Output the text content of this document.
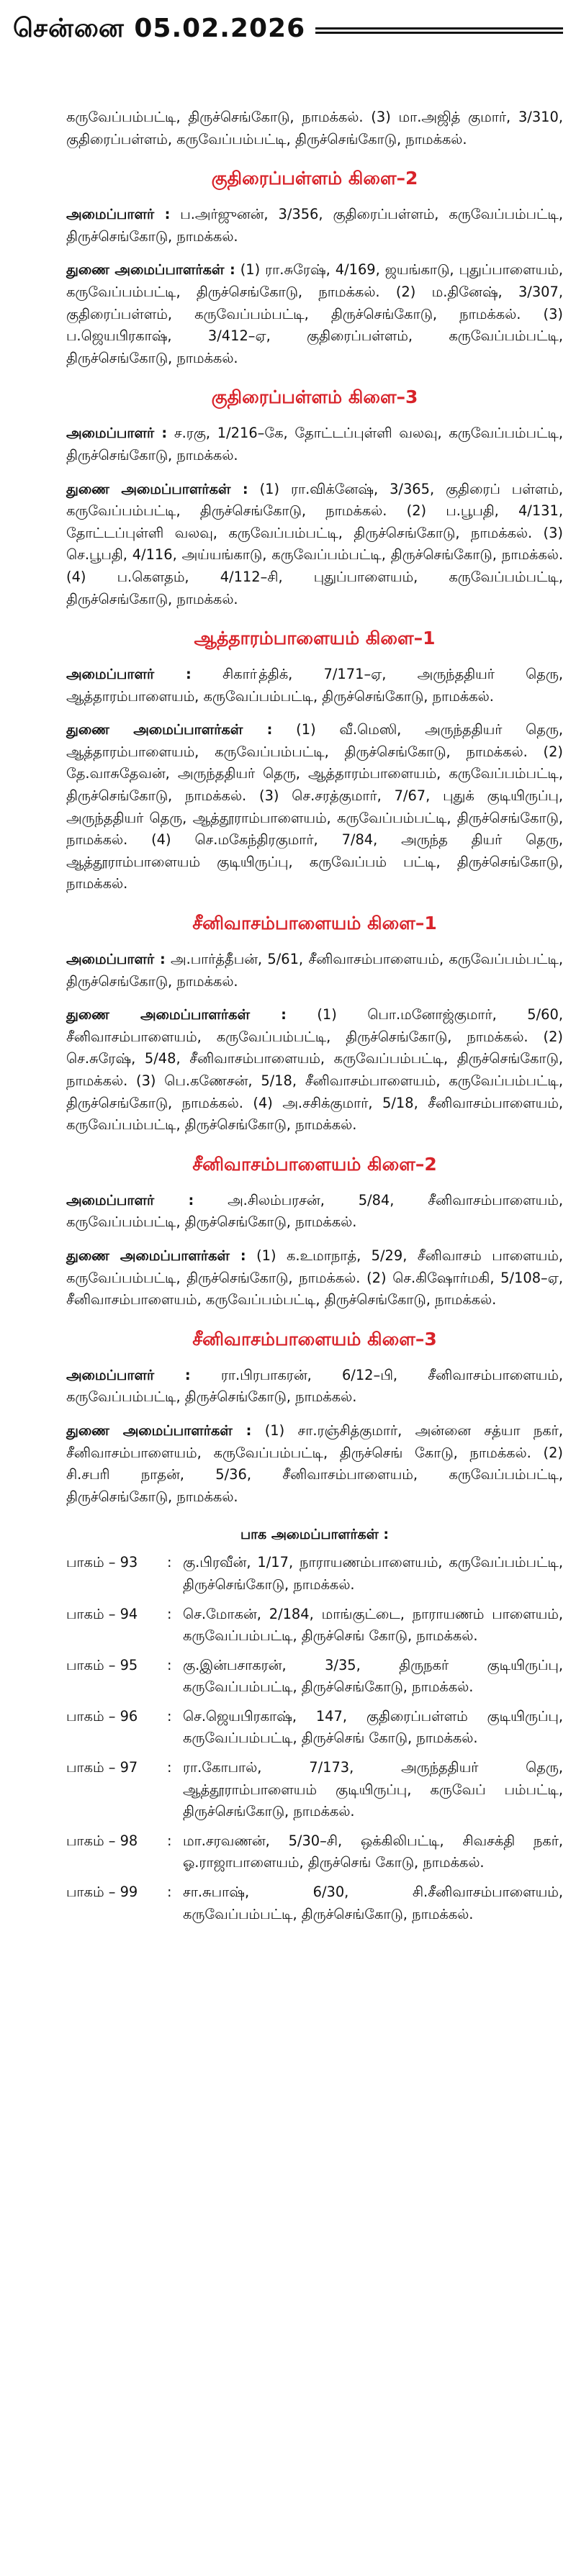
சென்னை 05.02.2026

கருவேப்பம்பட்டி, திருச்செங்கோடு, நாமக்கல். (3) மா.அஜித் குமார், 3/310, குதிரைப்பள்ளம், கருவேப்பம்பட்டி, திருச்செங்கோடு, நாமக்கல்.

குதிரைப்பள்ளம் கிளை–2

அமைப்பாளர் : ப.அர்ஜுனன், 3/356, குதிரைப்பள்ளம், கருவேப்பம்பட்டி, திருச்செங்கோடு, நாமக்கல்.

துணை அமைப்பாளர்கள் : (1) ரா.சுரேஷ், 4/169, ஜயங்காடு, புதுப்பாளையம், கருவேப்பம்பட்டி, திருச்செங்கோடு, நாமக்கல். (2) ம.தினேஷ், 3/307, குதிரைப்பள்ளம், கருவேப்பம்பட்டி, திருச்செங்கோடு, நாமக்கல். (3) ப.ஜெயபிரகாஷ், 3/412–ஏ, குதிரைப்பள்ளம், கருவேப்பம்பட்டி, திருச்செங்கோடு, நாமக்கல்.

குதிரைப்பள்ளம் கிளை–3

அமைப்பாளர் : ச.ரகு, 1/216–கே, தோட்டப்புள்ளி வலவு, கருவேப்பம்பட்டி, திருச்செங்கோடு, நாமக்கல்.

துணை அமைப்பாளர்கள் : (1) ரா.விக்னேஷ், 3/365, குதிரைப் பள்ளம், கருவேப்பம்பட்டி, திருச்செங்கோடு, நாமக்கல். (2) ப.பூபதி, 4/131, தோட்டப்புள்ளி வலவு, கருவேப்பம்பட்டி, திருச்செங்கோடு, நாமக்கல். (3) செ.பூபதி, 4/116, அய்யங்காடு, கருவேப்பம்பட்டி, திருச்செங்கோடு, நாமக்கல். (4) ப.கௌதம், 4/112–சி, புதுப்பாளையம், கருவேப்பம்பட்டி, திருச்செங்கோடு, நாமக்கல்.

ஆத்தாரம்பாளையம் கிளை–1

அமைப்பாளர் : சிகாா்த்திக், 7/171–ஏ, அருந்ததியர் தெரு, ஆத்தாரம்பாளையம், கருவேப்பம்பட்டி, திருச்செங்கோடு, நாமக்கல்.

துணை அமைப்பாளர்கள் : (1) வீ.மெஸி, அருந்ததியர் தெரு, ஆத்தாரம்பாளையம், கருவேப்பம்பட்டி, திருச்செங்கோடு, நாமக்கல். (2) தே.வாசுதேவன், அருந்ததியர் தெரு, ஆத்தாரம்பாளையம், கருவேப்பம்பட்டி, திருச்செங்கோடு, நாமக்கல். (3) செ.சரத்குமார், 7/67, புதுக் குடியிருப்பு, அருந்ததியர் தெரு, ஆத்தூராம்பாளையம், கருவேப்பம்பட்டி, திருச்செங்கோடு, நாமக்கல். (4) செ.மகேந்திரகுமார், 7/84, அருந்த தியர் தெரு, ஆத்தூராம்பாளையம் குடியிருப்பு, கருவேப்பம் பட்டி, திருச்செங்கோடு, நாமக்கல்.

சீனிவாசம்பாளையம் கிளை–1

அமைப்பாளர் : அ.பார்த்தீபன், 5/61, சீனிவாசம்பாளையம், கருவேப்பம்பட்டி, திருச்செங்கோடு, நாமக்கல்.

துணை அமைப்பாளர்கள் : (1) பொ.மனோஜ்குமார், 5/60, சீனிவாசம்பாளையம், கருவேப்பம்பட்டி, திருச்செங்கோடு, நாமக்கல். (2) செ.சுரேஷ், 5/48, சீனிவாசம்பாளையம், கருவேப்பம்பட்டி, திருச்செங்கோடு, நாமக்கல். (3) பெ.கணேசன், 5/18, சீனிவாசம்பாளையம், கருவேப்பம்பட்டி, திருச்செங்கோடு, நாமக்கல். (4) அ.சசிக்குமார், 5/18, சீனிவாசம்பாளையம், கருவேப்பம்பட்டி, திருச்செங்கோடு, நாமக்கல்.

சீனிவாசம்பாளையம் கிளை–2

அமைப்பாளர் : அ.சிலம்பரசன், 5/84, சீனிவாசம்பாளையம், கருவேப்பம்பட்டி, திருச்செங்கோடு, நாமக்கல்.

துணை அமைப்பாளர்கள் : (1) க.உமாநாத், 5/29, சீனிவாசம் பாளையம், கருவேப்பம்பட்டி, திருச்செங்கோடு, நாமக்கல். (2) செ.கிஷோர்மகி, 5/108–ஏ, சீனிவாசம்பாளையம், கருவேப்பம்பட்டி, திருச்செங்கோடு, நாமக்கல்.

சீனிவாசம்பாளையம் கிளை–3

அமைப்பாளர் : ரா.பிரபாகரன், 6/12–பி, சீனிவாசம்பாளையம், கருவேப்பம்பட்டி, திருச்செங்கோடு, நாமக்கல்.

துணை அமைப்பாளர்கள் : (1) சா.ரஞ்சித்குமார், அன்னை சத்யா நகர், சீனிவாசம்பாளையம், கருவேப்பம்பட்டி, திருச்செங் கோடு, நாமக்கல். (2) சி.சபரி நாதன், 5/36, சீனிவாசம்பாளையம், கருவேப்பம்பட்டி, திருச்செங்கோடு, நாமக்கல்.

பாக அமைப்பாளர்கள் :
பாகம் – 93	: கு.பிரவீன், 1/17, நாராயணம்பாளையம், கருவேப்பம்பட்டி, திருச்செங்கோடு, நாமக்கல்.
பாகம் – 94	: செ.மோகன், 2/184, மாங்குட்டை, நாராயணம் பாளையம், கருவேப்பம்பட்டி, திருச்செங் கோடு, நாமக்கல்.
பாகம் – 95	: கு.இன்பசாகரன், 3/35, திருநகர் குடியிருப்பு, கருவேப்பம்பட்டி, திருச்செங்கோடு, நாமக்கல்.
பாகம் – 96	: செ.ஜெயபிரகாஷ், 147, குதிரைப்பள்ளம் குடியிருப்பு, கருவேப்பம்பட்டி, திருச்செங் கோடு, நாமக்கல்.
பாகம் – 97	: ரா.கோபால், 7/173, அருந்ததியர் தெரு, ஆத்தூராம்பாளையம் குடியிருப்பு, கருவேப் பம்பட்டி, திருச்செங்கோடு, நாமக்கல்.
பாகம் – 98	: மா.சரவணன், 5/30–சி, ஒக்கிலிபட்டி, சிவசக்தி நகர், ஓ.ராஜாபாளையம், திருச்செங் கோடு, நாமக்கல்.
பாகம் – 99	: சா.சுபாஷ், 6/30, சி.சீனிவாசம்பாளையம், கருவேப்பம்பட்டி, திருச்செங்கோடு, நாமக்கல்.
